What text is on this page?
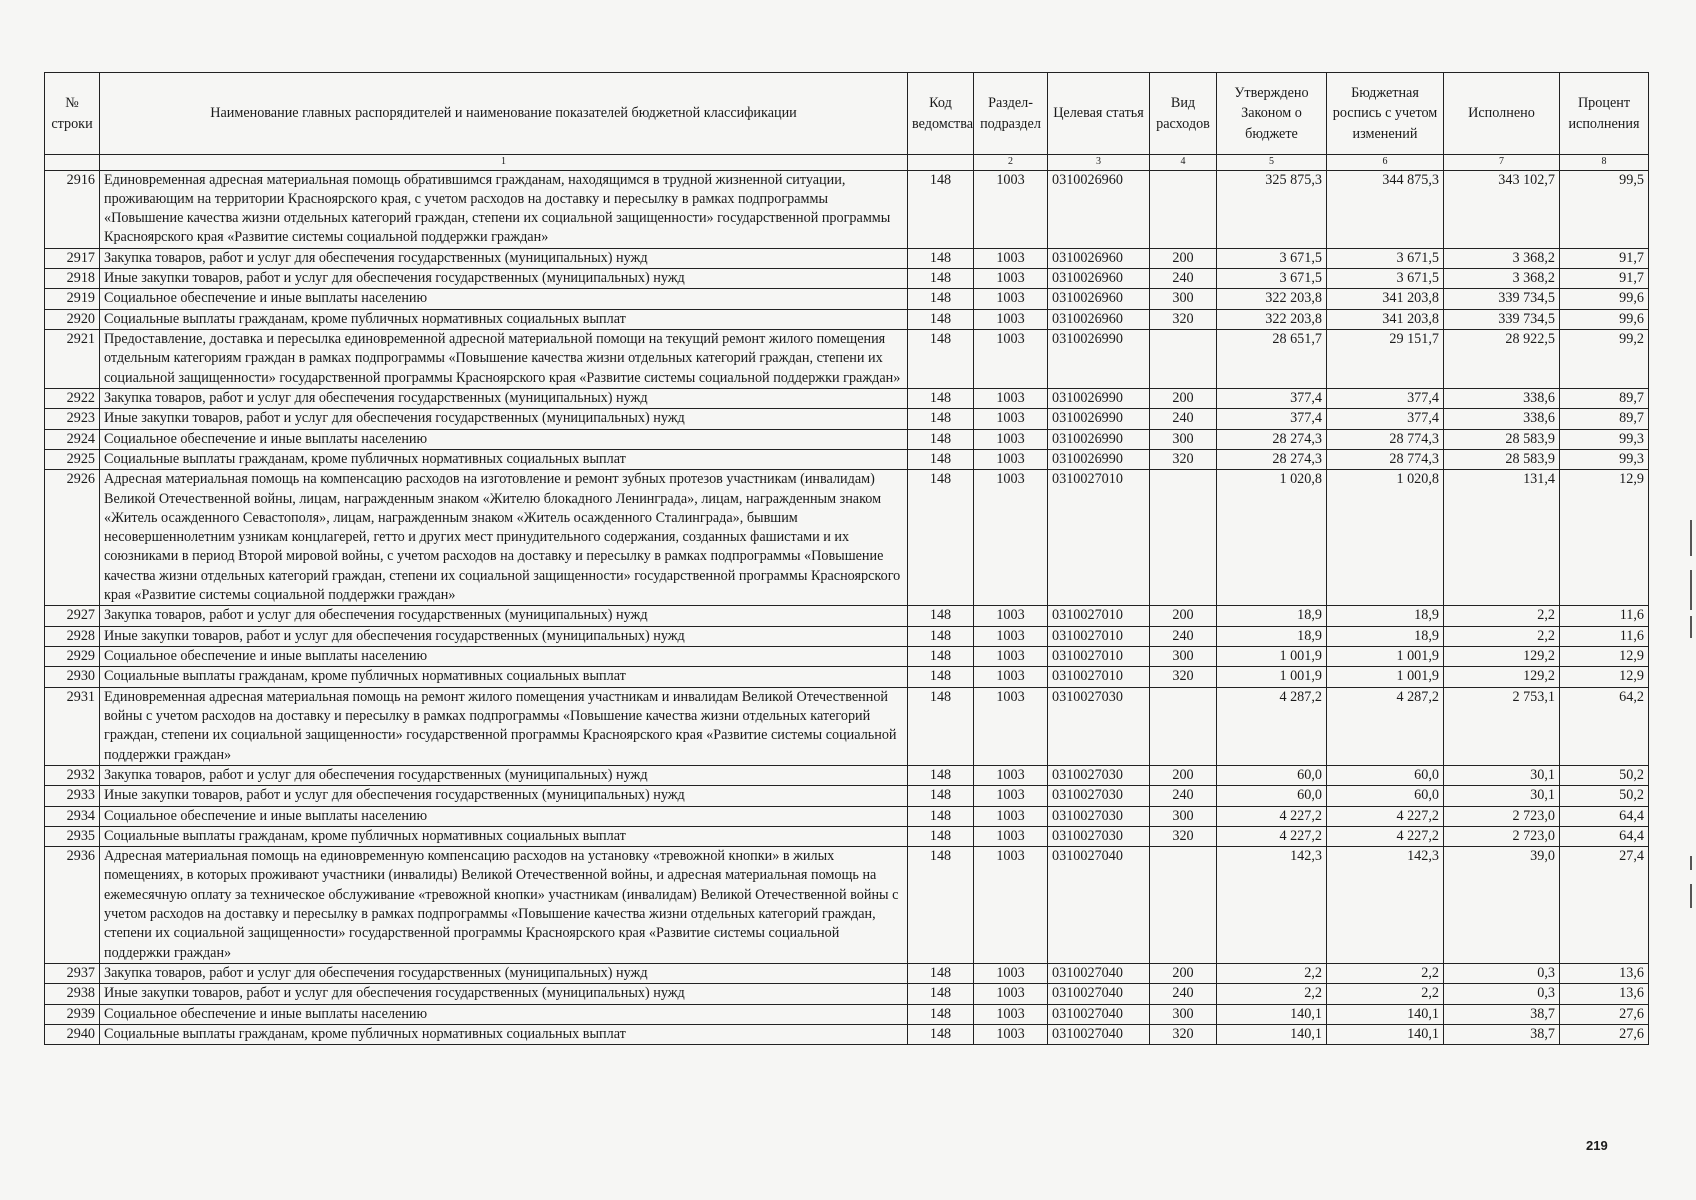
№ строки	Наименование главных распорядителей и наименование показателей бюджетной классификации	Код ведомства	Раздел-подраздел	Целевая статья	Вид расходов	Утверждено Законом о бюджете	Бюджетная роспись с учетом изменений	Исполнено	Процент исполнения
	1		2	3	4	5	6	7	8
2916	Единовременная адресная материальная помощь обратившимся гражданам, находящимся в трудной жизненной ситуации, проживающим на территории Красноярского края, с учетом расходов на доставку и пересылку в рамках подпрограммы «Повышение качества жизни отдельных категорий граждан, степени их социальной защищенности» государственной программы Красноярского края «Развитие системы социальной поддержки граждан»	148	1003	0310026960		325 875,3	344 875,3	343 102,7	99,5
2917	Закупка товаров, работ и услуг для обеспечения государственных (муниципальных) нужд	148	1003	0310026960	200	3 671,5	3 671,5	3 368,2	91,7
2918	Иные закупки товаров, работ и услуг для обеспечения государственных (муниципальных) нужд	148	1003	0310026960	240	3 671,5	3 671,5	3 368,2	91,7
2919	Социальное обеспечение и иные выплаты населению	148	1003	0310026960	300	322 203,8	341 203,8	339 734,5	99,6
2920	Социальные выплаты гражданам, кроме публичных нормативных социальных выплат	148	1003	0310026960	320	322 203,8	341 203,8	339 734,5	99,6
2921	Предоставление, доставка и пересылка единовременной адресной материальной помощи на текущий ремонт жилого помещения отдельным категориям граждан в рамках подпрограммы «Повышение качества жизни отдельных категорий граждан, степени их социальной защищенности» государственной программы Красноярского края «Развитие системы социальной поддержки граждан»	148	1003	0310026990		28 651,7	29 151,7	28 922,5	99,2
2922	Закупка товаров, работ и услуг для обеспечения государственных (муниципальных) нужд	148	1003	0310026990	200	377,4	377,4	338,6	89,7
2923	Иные закупки товаров, работ и услуг для обеспечения государственных (муниципальных) нужд	148	1003	0310026990	240	377,4	377,4	338,6	89,7
2924	Социальное обеспечение и иные выплаты населению	148	1003	0310026990	300	28 274,3	28 774,3	28 583,9	99,3
2925	Социальные выплаты гражданам, кроме публичных нормативных социальных выплат	148	1003	0310026990	320	28 274,3	28 774,3	28 583,9	99,3
2926	Адресная материальная помощь на компенсацию расходов на изготовление и ремонт зубных протезов участникам (инвалидам) Великой Отечественной войны, лицам, награжденным знаком «Жителю блокадного Ленинграда», лицам, награжденным знаком «Житель осажденного Севастополя», лицам, награжденным знаком «Житель осажденного Сталинграда», бывшим несовершеннолетним узникам концлагерей, гетто и других мест принудительного содержания, созданных фашистами и их союзниками в период Второй мировой войны, с учетом расходов на доставку и пересылку в рамках подпрограммы «Повышение качества жизни отдельных категорий граждан, степени их социальной защищенности» государственной программы Красноярского края «Развитие системы социальной поддержки граждан»	148	1003	0310027010		1 020,8	1 020,8	131,4	12,9
2927	Закупка товаров, работ и услуг для обеспечения государственных (муниципальных) нужд	148	1003	0310027010	200	18,9	18,9	2,2	11,6
2928	Иные закупки товаров, работ и услуг для обеспечения государственных (муниципальных) нужд	148	1003	0310027010	240	18,9	18,9	2,2	11,6
2929	Социальное обеспечение и иные выплаты населению	148	1003	0310027010	300	1 001,9	1 001,9	129,2	12,9
2930	Социальные выплаты гражданам, кроме публичных нормативных социальных выплат	148	1003	0310027010	320	1 001,9	1 001,9	129,2	12,9
2931	Единовременная адресная материальная помощь на ремонт жилого помещения участникам и инвалидам Великой Отечественной войны с учетом расходов на доставку и пересылку в рамках подпрограммы «Повышение качества жизни отдельных категорий граждан, степени их социальной защищенности» государственной программы Красноярского края «Развитие системы социальной поддержки граждан»	148	1003	0310027030		4 287,2	4 287,2	2 753,1	64,2
2932	Закупка товаров, работ и услуг для обеспечения государственных (муниципальных) нужд	148	1003	0310027030	200	60,0	60,0	30,1	50,2
2933	Иные закупки товаров, работ и услуг для обеспечения государственных (муниципальных) нужд	148	1003	0310027030	240	60,0	60,0	30,1	50,2
2934	Социальное обеспечение и иные выплаты населению	148	1003	0310027030	300	4 227,2	4 227,2	2 723,0	64,4
2935	Социальные выплаты гражданам, кроме публичных нормативных социальных выплат	148	1003	0310027030	320	4 227,2	4 227,2	2 723,0	64,4
2936	Адресная материальная помощь на единовременную компенсацию расходов на установку «тревожной кнопки» в жилых помещениях, в которых проживают участники (инвалиды) Великой Отечественной войны, и адресная материальная помощь на ежемесячную оплату за техническое обслуживание «тревожной кнопки» участникам (инвалидам) Великой Отечественной войны с учетом расходов на доставку и пересылку в рамках подпрограммы «Повышение качества жизни отдельных категорий граждан, степени их социальной защищенности» государственной программы Красноярского края «Развитие системы социальной поддержки граждан»	148	1003	0310027040		142,3	142,3	39,0	27,4
2937	Закупка товаров, работ и услуг для обеспечения государственных (муниципальных) нужд	148	1003	0310027040	200	2,2	2,2	0,3	13,6
2938	Иные закупки товаров, работ и услуг для обеспечения государственных (муниципальных) нужд	148	1003	0310027040	240	2,2	2,2	0,3	13,6
2939	Социальное обеспечение и иные выплаты населению	148	1003	0310027040	300	140,1	140,1	38,7	27,6
2940	Социальные выплаты гражданам, кроме публичных нормативных социальных выплат	148	1003	0310027040	320	140,1	140,1	38,7	27,6
219
